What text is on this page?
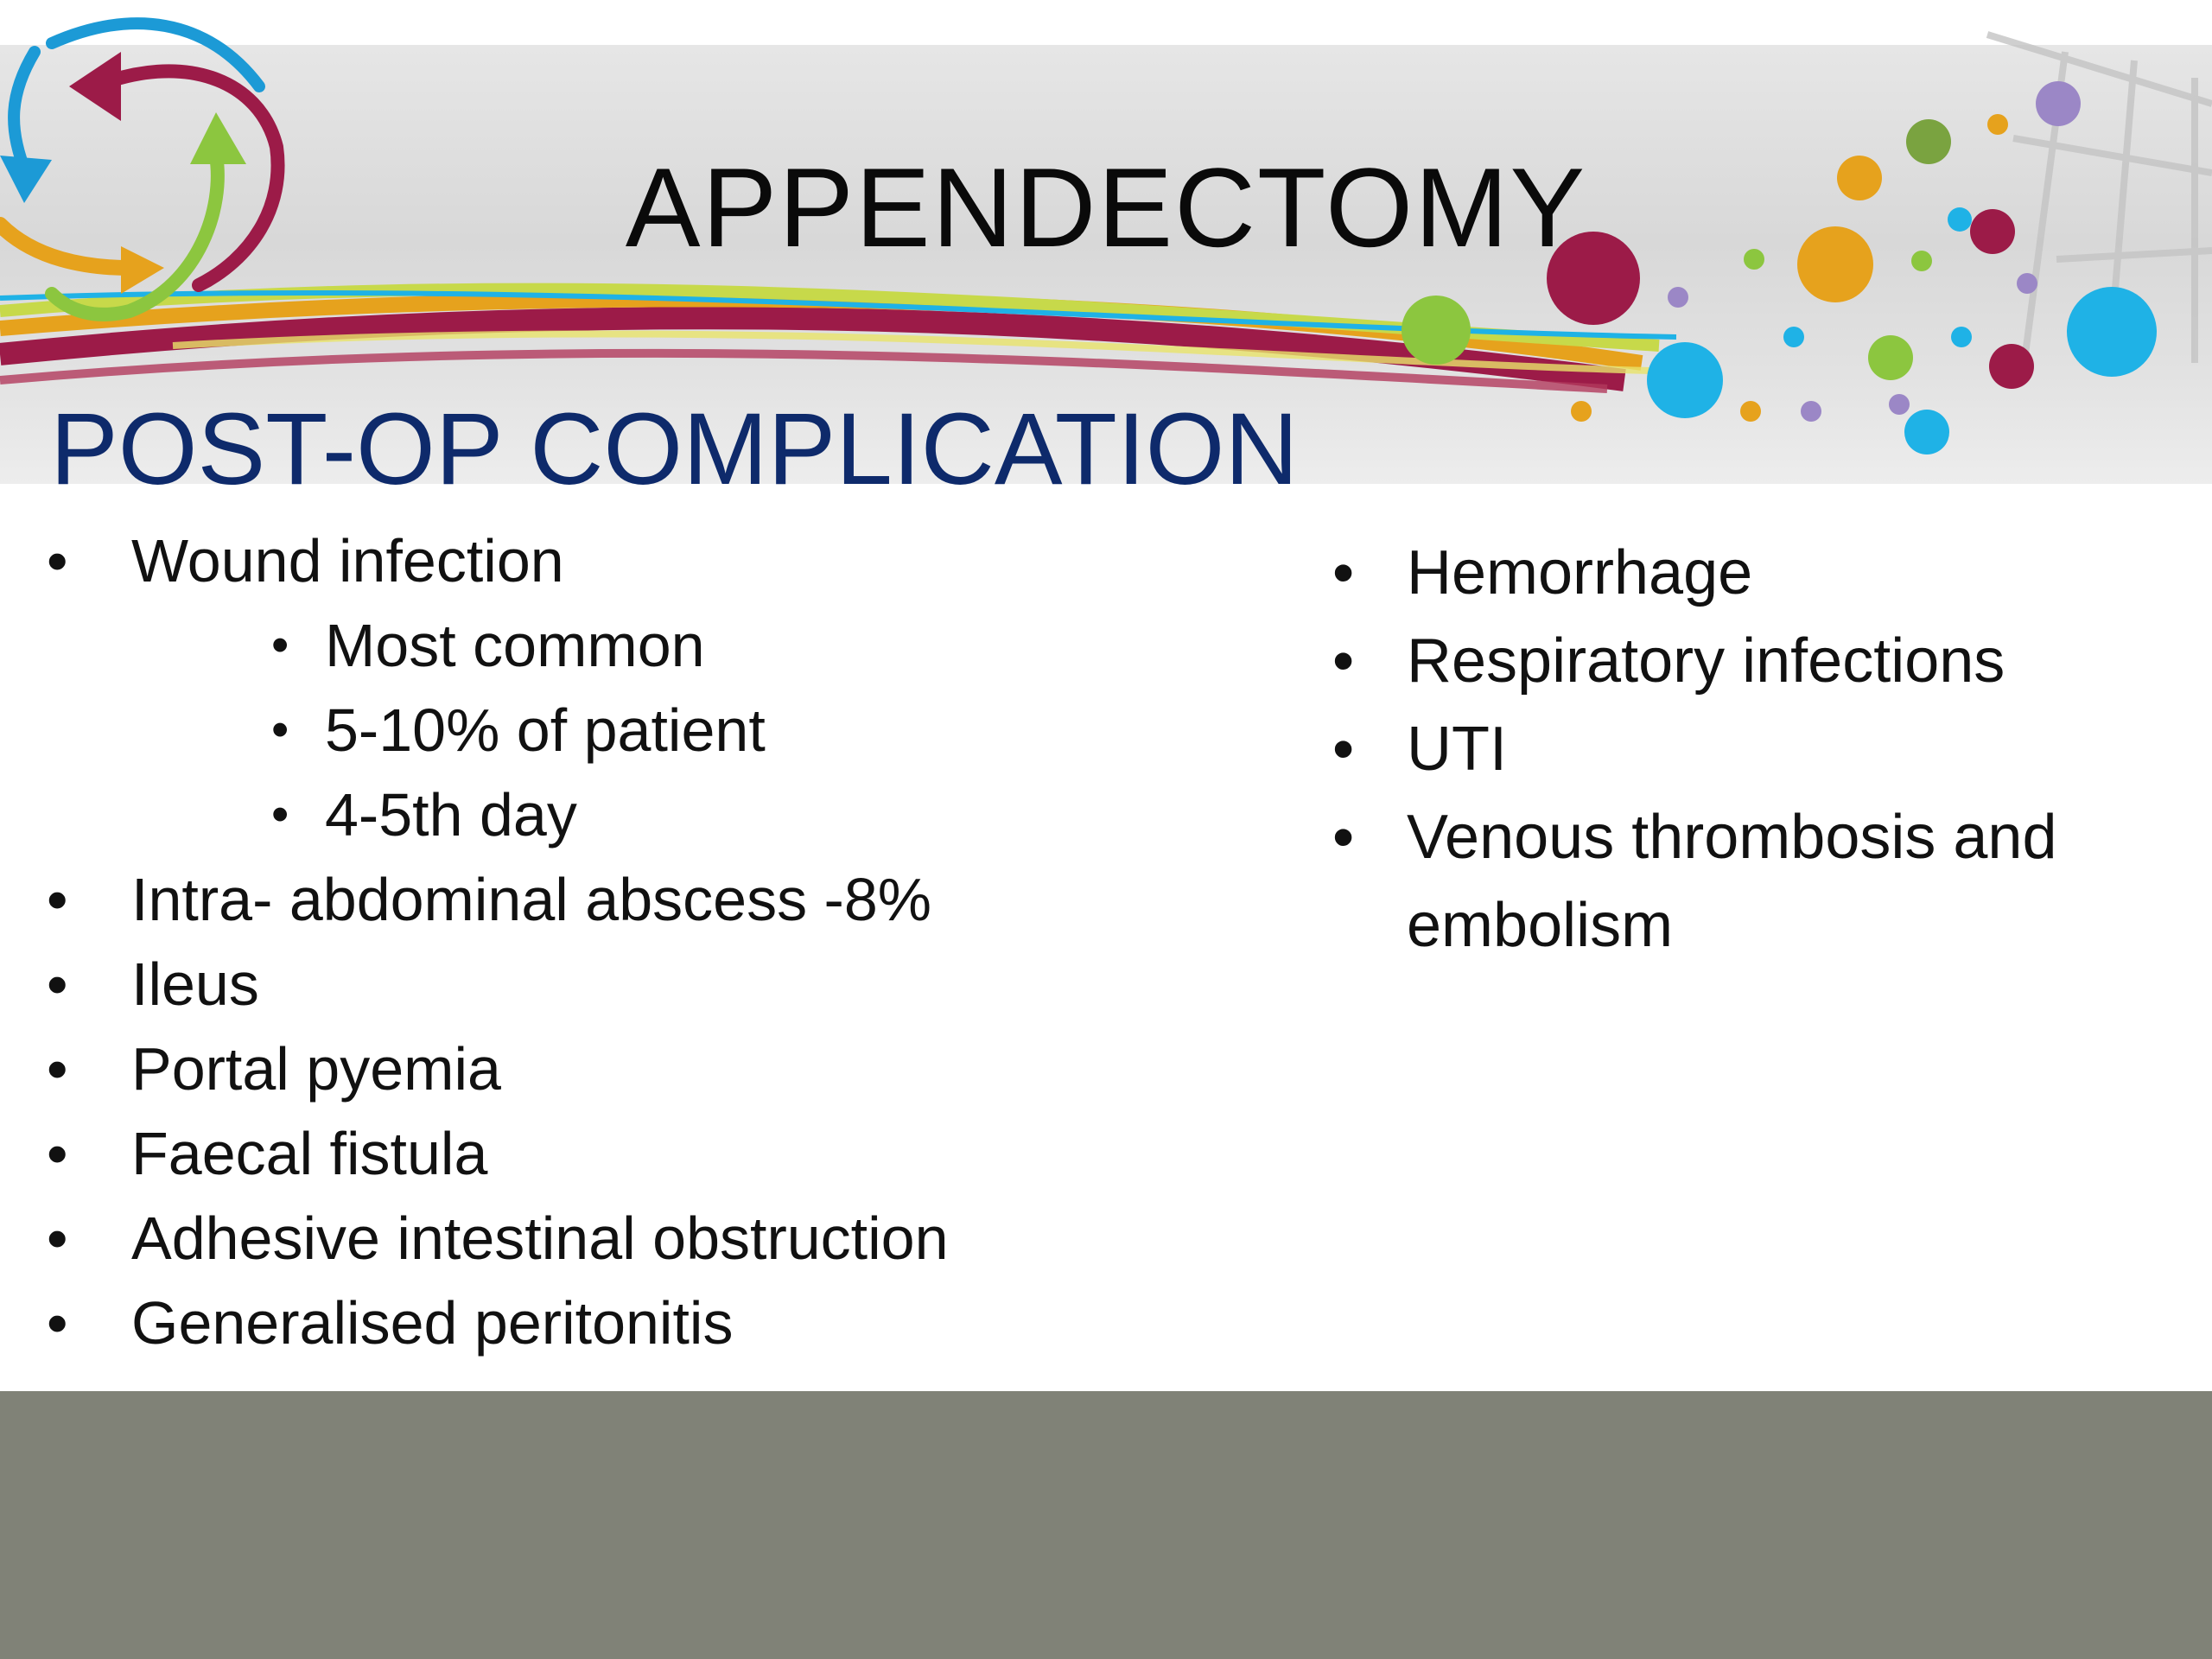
APPENDECTOMY
POST-OP COMPLICATION
• Wound infection
• Most common
• 5-10% of patient
• 4-5th day
• Intra- abdominal abscess -8%
• Ileus
• Portal pyemia
• Faecal fistula
• Adhesive intestinal obstruction
• Generalised peritonitis
• Hemorrhage
• Respiratory infections
• UTI
• Venous thrombosis and embolism
